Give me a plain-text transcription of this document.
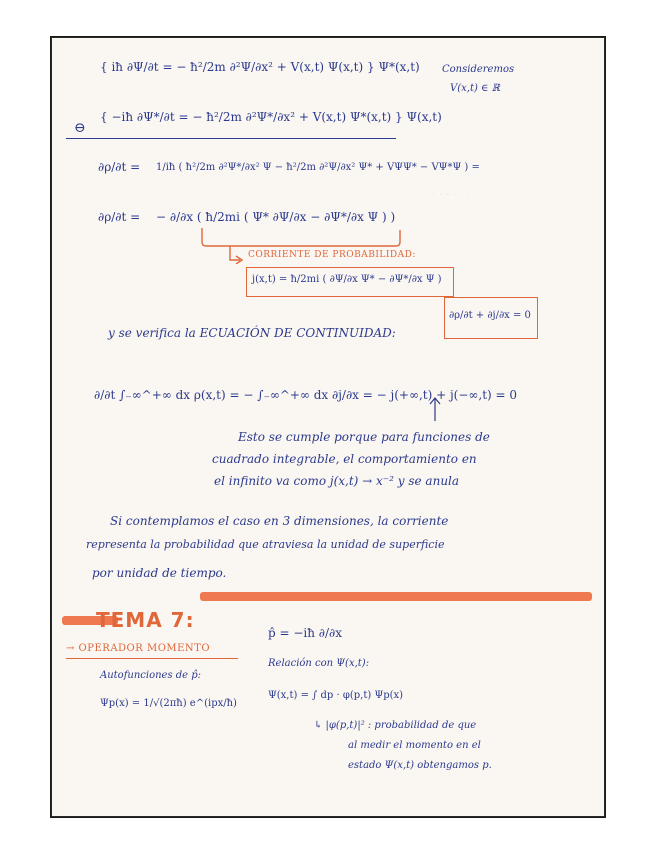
· · · · · ·
{ iħ ∂Ψ/∂t = − ħ²/2m ∂²Ψ/∂x² + V(x,t) Ψ(x,t) } Ψ*(x,t)
⊖
{ −iħ ∂Ψ*/∂t = − ħ²/2m ∂²Ψ*/∂x² + V(x,t) Ψ*(x,t) } Ψ(x,t)
Consideremos
V(x,t) ∈ ℝ
∂ρ/∂t = 1/iħ ( ħ²/2m ∂²Ψ*/∂x² Ψ − ħ²/2m ∂²Ψ/∂x² Ψ* + VΨΨ* − VΨ*Ψ ) =
∂ρ/∂t = − ∂/∂x ( ħ/2mi ( Ψ* ∂Ψ/∂x − ∂Ψ*/∂x Ψ ) )
CORRIENTE DE PROBABILIDAD:
j(x,t) = ħ/2mi ( ∂Ψ/∂x Ψ* − ∂Ψ*/∂x Ψ )
y se verifica la ECUACIÓN DE CONTINUIDAD:
∂ρ/∂t + ∂j/∂x = 0
∂/∂t ∫₋∞^+∞ dx ρ(x,t) = − ∫₋∞^+∞ dx ∂j/∂x = − j(+∞,t) + j(−∞,t) = 0
Esto se cumple porque para funciones de
cuadrado integrable, el comportamiento en
el infinito va como j(x,t) → x⁻² y se anula
Si contemplamos el caso en 3 dimensiones, la corriente
representa la probabilidad que atraviesa la unidad de superficie
por unidad de tiempo.
TEMA 7:
→ OPERADOR MOMENTO
p̂ = −iħ ∂/∂x
Autofunciones de p̂:
Ψp(x) = 1/√(2πħ) e^(ipx/ħ)
Relación con Ψ(x,t):
Ψ(x,t) = ∫ dp · φ(p,t) Ψp(x)
↳ |φ(p,t)|² : probabilidad de que
al medir el momento en el
estado Ψ(x,t) obtengamos p.
